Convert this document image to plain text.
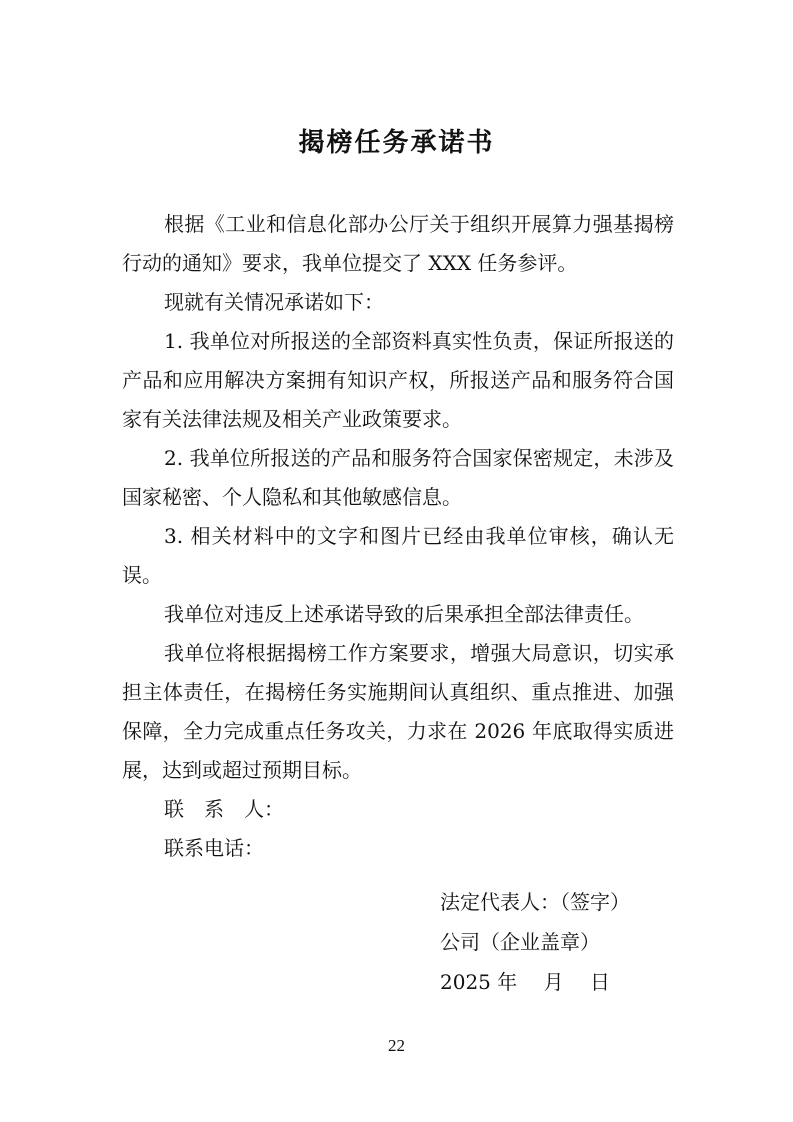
揭榜任务承诺书

根据《工业和信息化部办公厅关于组织开展算力强基揭榜行动的通知》要求，我单位提交了 XXX 任务参评。

现就有关情况承诺如下：

1. 我单位对所报送的全部资料真实性负责，保证所报送的产品和应用解决方案拥有知识产权，所报送产品和服务符合国家有关法律法规及相关产业政策要求。

2. 我单位所报送的产品和服务符合国家保密规定，未涉及国家秘密、个人隐私和其他敏感信息。

3. 相关材料中的文字和图片已经由我单位审核，确认无误。

我单位对违反上述承诺导致的后果承担全部法律责任。

我单位将根据揭榜工作方案要求，增强大局意识，切实承担主体责任，在揭榜任务实施期间认真组织、重点推进、加强保障，全力完成重点任务攻关，力求在 2026 年底取得实质进展，达到或超过预期目标。

联　系　人：

联系电话：

法定代表人：（签字）
公司（企业盖章）
2025 年　 月　 日
22
